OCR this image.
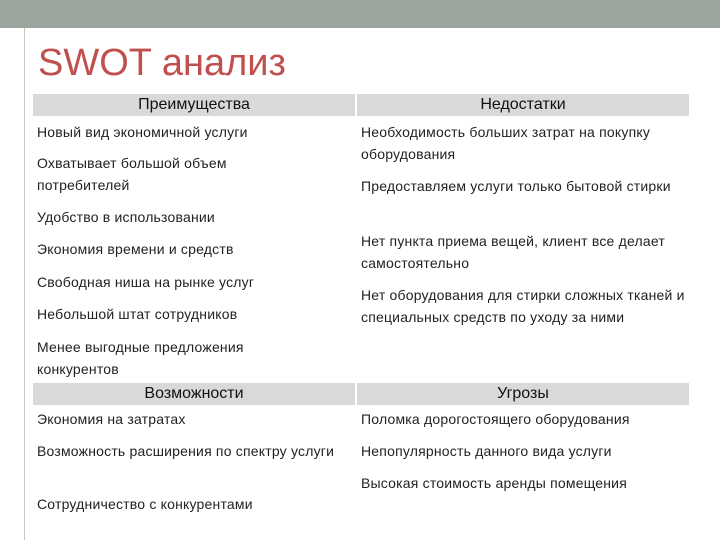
SWOT анализ
Преимущества	Недостатки
Новый вид экономичной услуги
Охватывает большой объем потребителей
Удобство в использовании
Экономия времени и средств
Свободная ниша на рынке услуг
Небольшой штат сотрудников
Менее выгодные предложения конкурентов
Необходимость больших затрат на покупку оборудования
Предоставляем услуги только бытовой стирки
Нет пункта приема вещей, клиент все делает самостоятельно
Нет оборудования для стирки сложных тканей и специальных средств по уходу за ними
Возможности	Угрозы
Экономия на затратах
Возможность расширения по спектру услуги
Сотрудничество с конкурентами
Поломка дорогостоящего оборудования
Непопулярность данного вида услуги
Высокая стоимость аренды помещения
